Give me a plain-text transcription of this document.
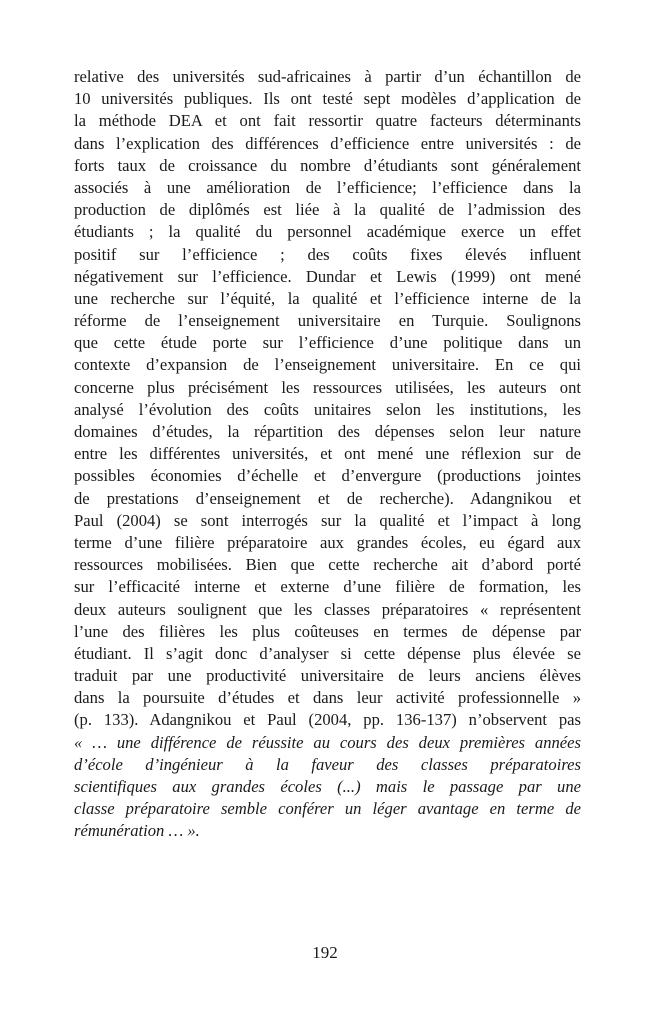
relative des universités sud-africaines à partir d’un échantillon de
10 universités publiques. Ils ont testé sept modèles d’application de
la méthode DEA et ont fait ressortir quatre facteurs déterminants
dans l’explication des différences d’efficience entre universités : de
forts taux de croissance du nombre d’étudiants sont généralement
associés à une amélioration de l’efficience; l’efficience dans la
production de diplômés est liée à la qualité de l’admission des
étudiants ; la qualité du personnel académique exerce un effet
positif sur l’efficience ; des coûts fixes élevés influent
négativement sur l’efficience. Dundar et Lewis (1999) ont mené
une recherche sur l’équité, la qualité et l’efficience interne de la
réforme de l’enseignement universitaire en Turquie. Soulignons
que cette étude porte sur l’efficience d’une politique dans un
contexte d’expansion de l’enseignement universitaire. En ce qui
concerne plus précisément les ressources utilisées, les auteurs ont
analysé l’évolution des coûts unitaires selon les institutions, les
domaines d’études, la répartition des dépenses selon leur nature
entre les différentes universités, et ont mené une réflexion sur de
possibles économies d’échelle et d’envergure (productions jointes
de prestations d’enseignement et de recherche). Adangnikou et
Paul (2004) se sont interrogés sur la qualité et l’impact à long
terme d’une filière préparatoire aux grandes écoles, eu égard aux
ressources mobilisées. Bien que cette recherche ait d’abord porté
sur l’efficacité interne et externe d’une filière de formation, les
deux auteurs soulignent que les classes préparatoires « représentent
l’une des filières les plus coûteuses en termes de dépense par
étudiant. Il s’agit donc d’analyser si cette dépense plus élevée se
traduit par une productivité universitaire de leurs anciens élèves
dans la poursuite d’études et dans leur activité professionnelle »
(p. 133). Adangnikou et Paul (2004, pp. 136-137) n’observent pas
« … une différence de réussite au cours des deux premières années
d’école d’ingénieur à la faveur des classes préparatoires
scientifiques aux grandes écoles (...) mais le passage par une
classe préparatoire semble conférer un léger avantage en terme de
rémunération … ».
192
